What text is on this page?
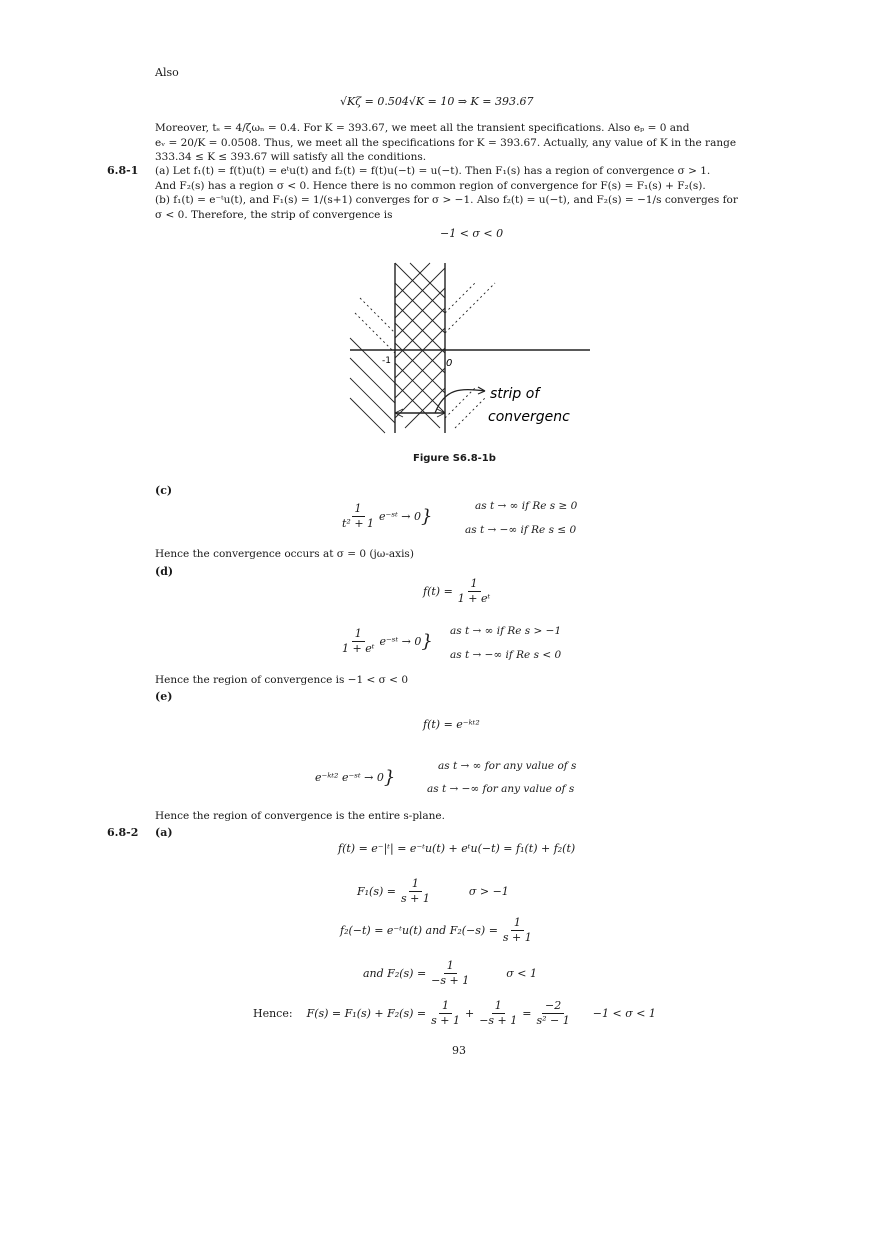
Also
√Kζ = 0.504√K = 10 ⇒ K = 393.67
Moreover, tₛ = 4/ζωₙ = 0.4. For K = 393.67, we meet all the transient specifications. Also eₚ = 0 and
eᵥ = 20/K = 0.0508. Thus, we meet all the specifications for K = 393.67. Actually, any value of K in the range
333.34 ≤ K ≤ 393.67 will satisfy all the conditions.
6.8-1 (a) Let f₁(t) = f(t)u(t) = eᵗu(t) and f₂(t) = f(t)u(−t) = u(−t). Then F₁(s) has a region of convergence σ > 1.
And F₂(s) has a region σ < 0. Hence there is no common region of convergence for F(s) = F₁(s) + F₂(s).
(b) f₁(t) = e⁻ᵗu(t), and F₁(s) = 1/(s+1) converges for σ > −1. Also f₂(t) = u(−t), and F₂(s) = −1/s converges for
σ < 0. Therefore, the strip of convergence is
−1 < σ < 0
-1	0
strip of
convergenc
Figure S6.8-1b
(c)
$\frac{1}{\text{t² + 1}}$ e⁻ˢᵗ → 0 }	as t → ∞ if Re s ≥ 0
as t → −∞ if Re s ≤ 0
Hence the convergence occurs at σ = 0 (jω-axis)
(d)
$f(t) = \frac{1}{\text{1 + eᵗ}}$
$\frac{1}{\text{1 + eᵗ}}$ e⁻ˢᵗ → 0 } as t → ∞ if Re s > −1
as t → −∞ if Re s < 0
Hence the region of convergence is −1 < σ < 0
(e)
f(t) = e⁻ᵏᵗ²
e⁻ᵏᵗ² e⁻ˢᵗ → 0 }
as t → ∞ for any value of s
as t → −∞ for any value of s
Hence the region of convergence is the entire s-plane.
6.8-2 (a)
f(t) = e⁻|ᵗ| = e⁻ᵗu(t) + eᵗu(−t) = f₁(t) + f₂(t)
$F_1(s) = \frac{1}{s + 1}$	σ > −1
f₂(−t) = e⁻ᵗu(t) and $F_2(-s) = \frac{1}{s + 1}$
and $F_2(s) = \frac{1}{-s + 1}$	σ < 1
Hence: $F(s) = F_1(s) + F_2(s) = \frac{1}{s + 1} + \frac{1}{-s + 1} = \frac{-2}{\text{s² − 1}} -1 < \sigma < 1$
93
